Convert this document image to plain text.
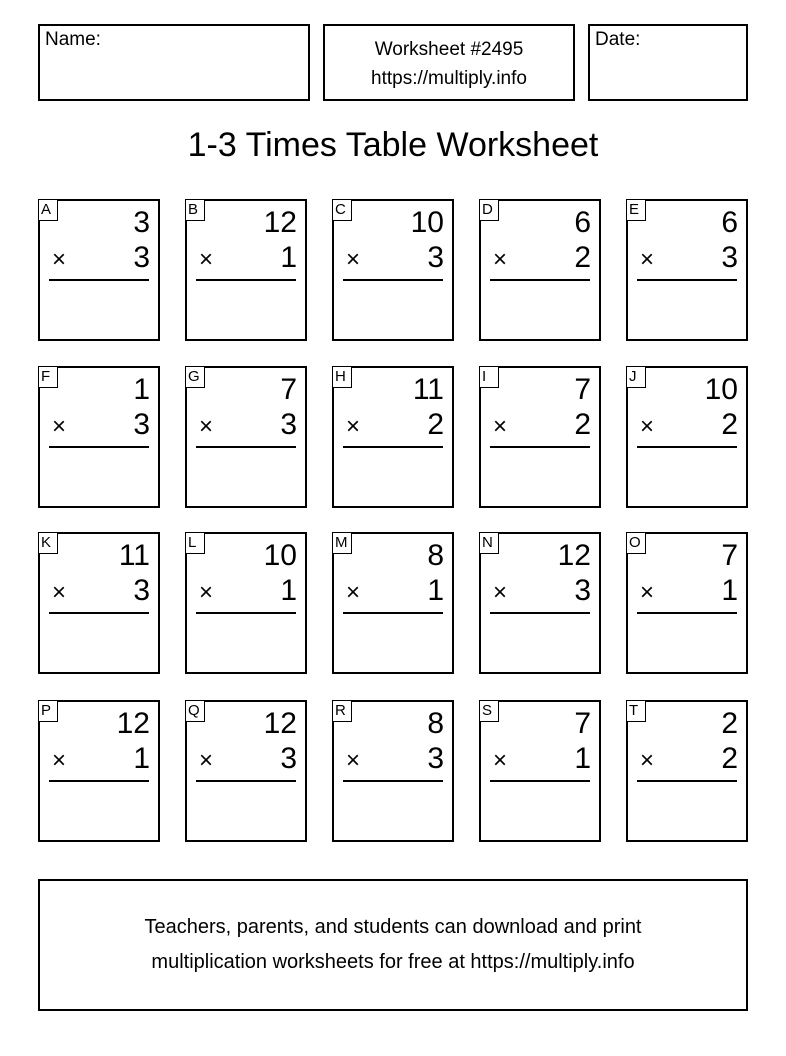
Name:	Worksheet #2495
https://multiply.info
Date:
1-3 Times Table Worksheet
A	3
× 3
B 12
× 1
C 10
× 3
D	6
× 2
E	6
× 3
F	1
× 3
G	7
× 3
H 11
× 2
I	7
× 2
J	10
× 2
K 11
× 3
L 10
× 1
M	8
× 1
N 12
× 3
O	7
× 1
P 12
× 1
Q 12
× 3
R	8
× 3
S	7
× 1
T	2
× 2
Teachers, parents, and students can download and print
multiplication worksheets for free at https://multiply.info
